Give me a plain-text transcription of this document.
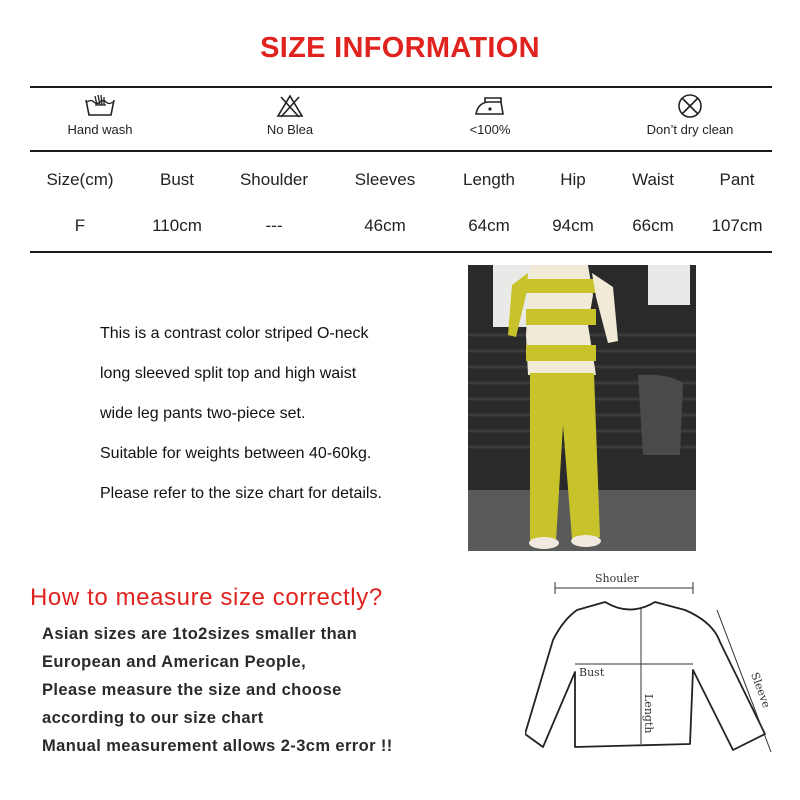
SIZE INFORMATION
Hand wash	No Blea	<100%	Don’t dry clean
Size(cm)	Bust	Shoulder	Sleeves	Length	Hip	Waist	Pant
F	110cm	---	46cm	64cm	94cm	66cm	107cm
This is a contrast color striped O-neck
long sleeved split top and high waist
wide leg pants two-piece set.
Suitable for weights between 40-60kg.
Please refer to the size chart for details.
How to measure size correctly?
Asian sizes are 1to2sizes smaller than
European and American People,
Please measure the size and choose
according to our size chart
Manual measurement allows 2-3cm error !!
Shouler
Bust
Length
Sleeve
